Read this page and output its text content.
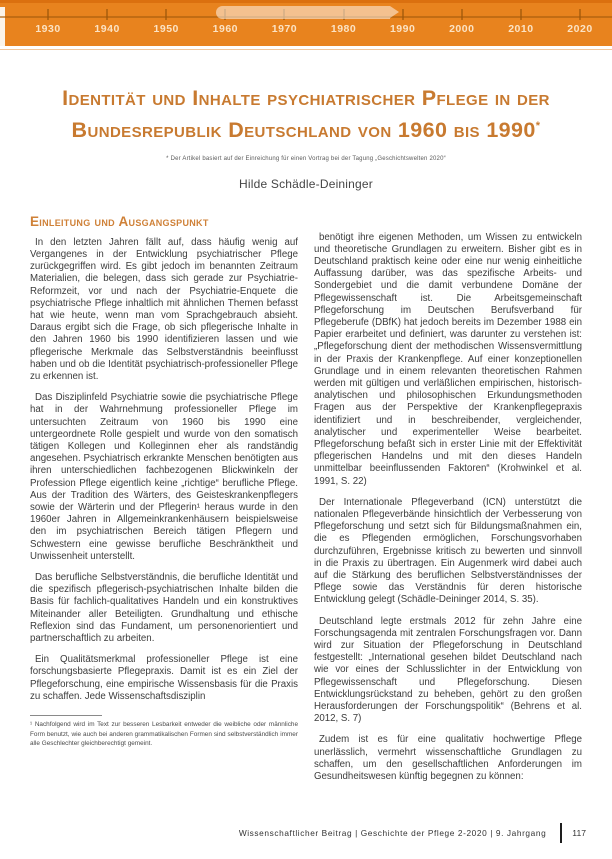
1930	1940	1950	1960	1970	1980	1990	2000	2010	2020
Identität und Inhalte psychiatrischer Pflege in der Bundesrepublik Deutschland von 1960 bis 1990*
* Der Artikel basiert auf der Einreichung für einen Vortrag bei der Tagung „Geschichtswelten 2020“
Hilde Schädle-Deininger
Einleitung und Ausgangspunkt

In den letzten Jahren fällt auf, dass häufig wenig auf Vergangenes in der Entwicklung psychiatrischer Pflege zurückgegriffen wird. Es gibt jedoch im benannten Zeitraum Materialien, die belegen, dass sich gerade zur Psychiatrie-Reformzeit, vor und nach der Psychiatrie-Enquete die psychiatrische Pflege inhaltlich mit ähnlichen Themen befasst hat wie heute, wenn man vom Sprachgebrauch absieht. Daraus ergibt sich die Frage, ob sich pflegerische Inhalte in den Jahren 1960 bis 1990 identifizieren lassen und wie pflegerische Merkmale das Selbstverständnis beeinflusst haben und ob die Identität psychiatrisch-professioneller Pflege zu erkennen ist.

Das Disziplinfeld Psychiatrie sowie die psychiatrische Pflege hat in der Wahrnehmung professioneller Pflege im untersuchten Zeitraum von 1960 bis 1990 eine untergeordnete Rolle gespielt und wurde von den somatisch tätigen Kollegen und Kolleginnen eher als randständig angesehen. Psychiatrisch erkrankte Menschen benötigten aus ihren unterschiedlichen fachbezogenen Blickwinkeln der Profession Pflege eigentlich keine „richtige“ berufliche Pflege. Aus der Tradition des Wärters, des Geisteskrankenpflegers sowie der Wärterin und der Pflegerin¹ heraus wurde in den 1960er Jahren in Allgemeinkrankenhäusern beispielsweise den im psychiatrischen Bereich tätigen Pflegern und Schwestern eine gewisse berufliche Beschränktheit und Unwissenheit unterstellt.

Das berufliche Selbstverständnis, die berufliche Identität und die spezifisch pflegerisch-psychiatrischen Inhalte bilden die Basis für fachlich-qualitatives Handeln und ein konstruktives Miteinander aller Beteiligten. Grundhaltung und ethische Reflexion sind das Fundament, um personenorientiert und partnerschaftlich zu arbeiten.

Ein Qualitätsmerkmal professioneller Pflege ist eine forschungsbasierte Pflegepraxis. Damit ist es ein Ziel der Pflegeforschung, eine empirische Wissensbasis für die Praxis zu schaffen. Jede Wissenschaftsdisziplin

¹ Nachfolgend wird im Text zur besseren Lesbarkeit entweder die weibliche oder männliche Form benutzt, wie auch bei anderen grammatikalischen Formen sind selbstverständlich immer alle Geschlechter gleichberechtigt gemeint.

benötigt ihre eigenen Methoden, um Wissen zu entwickeln und theoretische Grundlagen zu erweitern. Bisher gibt es in Deutschland praktisch keine oder eine nur wenig einheitliche Auffassung darüber, was das spezifische Arbeits- und Sondergebiet und die damit verbundene Domäne der Pflegewissenschaft ist. Die Arbeitsgemeinschaft Pflegeforschung im Deutschen Berufsverband für Pflegeberufe (DBfK) hat jedoch bereits im Dezember 1988 ein Papier erarbeitet und definiert, was darunter zu verstehen ist: „Pflegeforschung dient der methodischen Wissensvermittlung in der Praxis der Krankenpflege. Auf einer konzeptionellen Grundlage und in einem relevanten theoretischen Rahmen werden mit gültigen und verläßlichen empirischen, historisch-analytischen und philosophischen Erkundungsmethoden Fragen aus der Perspektive der Krankenpflegepraxis identifiziert und in beschreibender, vergleichender, analytischer und experimenteller Weise bearbeitet. Pflegeforschung befaßt sich in erster Linie mit der Effektivität pflegerischen Handelns und mit den dieses Handeln unmittelbar beeinflussenden Faktoren“ (Krohwinkel et al. 1991, S. 22)

Der Internationale Pflegeverband (ICN) unterstützt die nationalen Pflegeverbände hinsichtlich der Verbesserung von Pflegeforschung und setzt sich für Bildungsmaßnahmen ein, die es Pflegenden ermöglichen, Forschungsvorhaben durchzuführen, Ergebnisse kritisch zu bewerten und sinnvoll in die Praxis zu übertragen. Ein Augenmerk wird dabei auch auf die Stärkung des beruflichen Selbstverständnisses der Pflege sowie das Verständnis für deren historische Entwicklung gelegt (Schädle-Deininger 2014, S. 35).

Deutschland legte erstmals 2012 für zehn Jahre eine Forschungsagenda mit zentralen Forschungsfragen vor. Dann wird zur Situation der Pflegeforschung in Deutschland festgestellt: „International gesehen bildet Deutschland nach wie vor eines der Schlusslichter in der Entwicklung von Pflegewissenschaft und Pflegeforschung. Diesen Entwicklungsrückstand zu beheben, gehört zu den großen Herausforderungen der Forschungspolitik“ (Behrens et al. 2012, S. 7)

Zudem ist es für eine qualitativ hochwertige Pflege unerlässlich, vermehrt wissenschaftliche Grundlagen zu schaffen, um den gesellschaftlichen Anforderungen im Gesundheitswesen künftig begegnen zu können:

Wissenschaftlicher Beitrag | Geschichte der Pflege 2-2020 | 9. Jahrgang	117
